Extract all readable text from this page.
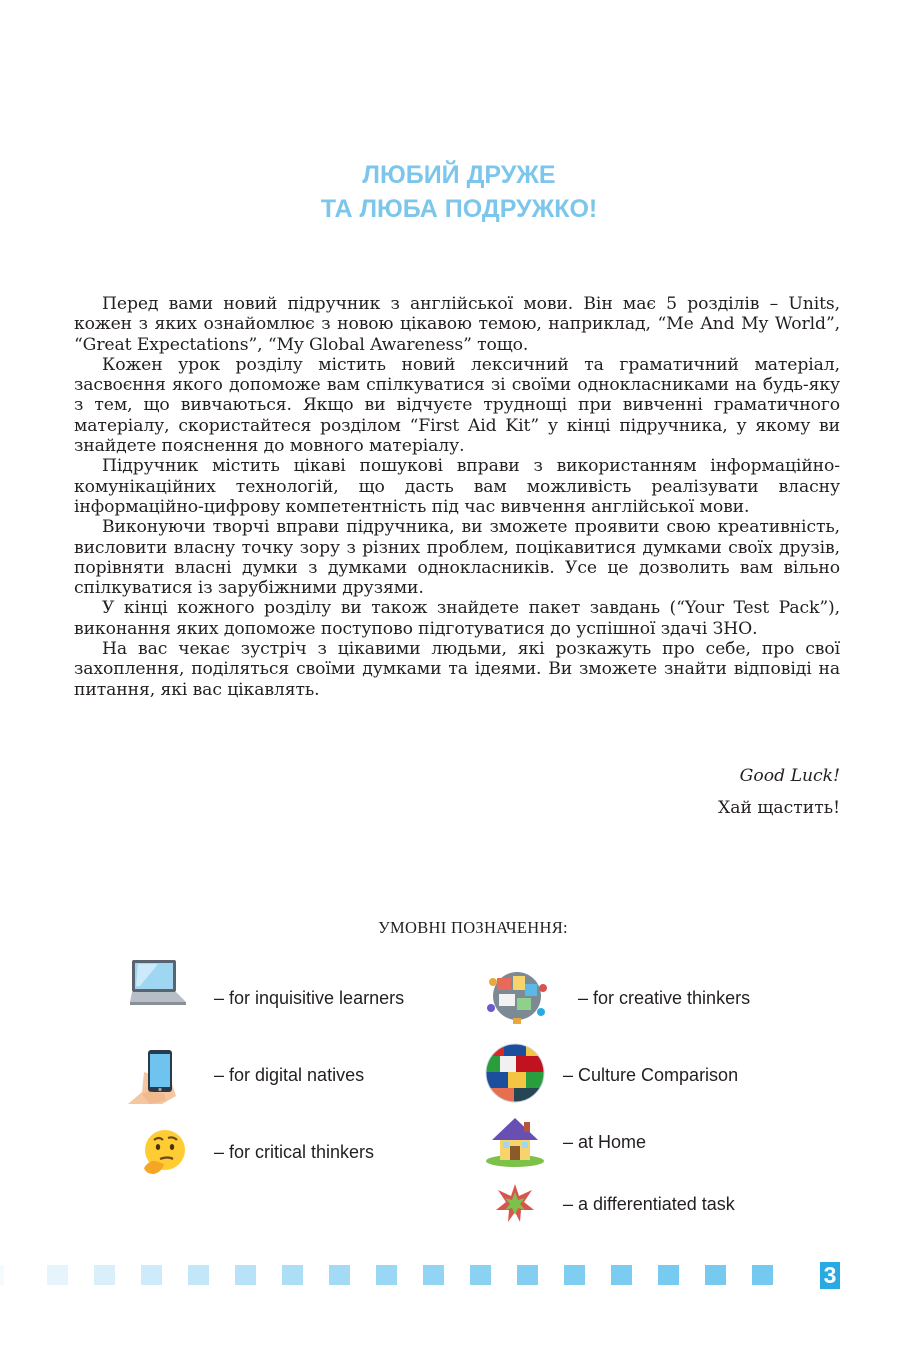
ЛЮБИЙ ДРУЖЕ
ТА ЛЮБА ПОДРУЖКО!

Перед вами новий підручник з англійської мови. Він має 5 розділів – Units, кожен з яких ознайомлює з новою цікавою темою, наприклад, “Me And My World”, “Great Expectations”, “My Global Awareness” тощо.

Кожен урок розділу містить новий лексичний та граматичний матеріал, засвоєння якого допоможе вам спілкуватися зі своїми однокласниками на будь-яку з тем, що вивчаються. Якщо ви відчуєте труднощі при вивченні граматичного матеріалу, скористайтеся розділом “First Aid Kit” у кінці підручника, у якому ви знайдете пояснення до мовного матеріалу.

Підручник містить цікаві пошукові вправи з використанням інформаційно-комунікаційних технологій, що дасть вам можливість реалізувати власну інформаційно-цифрову компетентність під час вивчення англійської мови.

Виконуючи творчі вправи підручника, ви зможете проявити свою креативність, висловити власну точку зору з різних проблем, поцікавитися думками своїх друзів, порівняти власні думки з думками однокласників. Усе це дозволить вам вільно спілкуватися із зарубіжними друзями.

У кінці кожного розділу ви також знайдете пакет завдань (“Your Test Pack”), виконання яких допоможе поступово підготуватися до успішної здачі ЗНО.

На вас чекає зустріч з цікавими людьми, які розкажуть про себе, про свої захоплення, поділяться своїми думками та ідеями. Ви зможете знайти відповіді на питання, які вас цікавлять.

Good Luck!
Хай щастить!
УМОВНІ ПОЗНАЧЕННЯ:
– for inquisitive learners
– for digital natives
– for critical thinkers
– for creative thinkers
– Culture Comparison
– at Home
– a differentiated task
3
